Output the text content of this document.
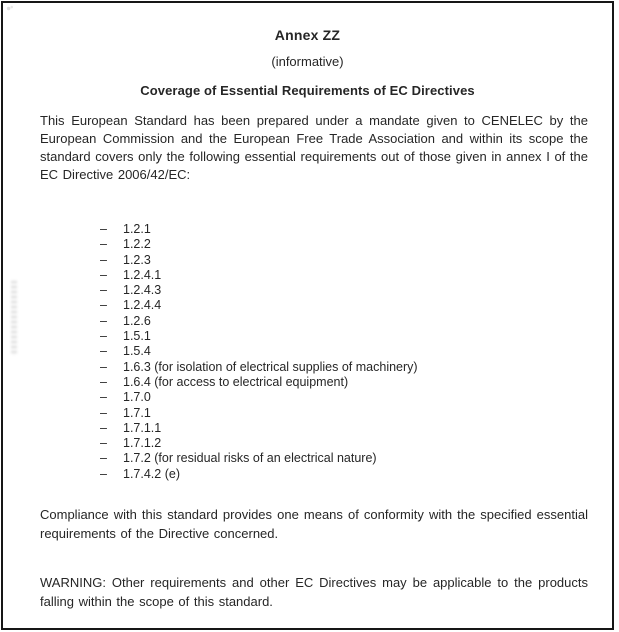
Annex ZZ
(informative)
Coverage of Essential Requirements of EC Directives

This European Standard has been prepared under a mandate given to CENELEC by the European Commission and the European Free Trade Association and within its scope the standard covers only the following essential requirements out of those given in annex I of the EC Directive 2006/42/EC:

–	1.2.1
–	1.2.2
–	1.2.3
–	1.2.4.1
–	1.2.4.3
–	1.2.4.4
–	1.2.6
–	1.5.1
–	1.5.4
–	1.6.3 (for isolation of electrical supplies of machinery)
–	1.6.4 (for access to electrical equipment)
–	1.7.0
–	1.7.1
–	1.7.1.1
–	1.7.1.2
–	1.7.2 (for residual risks of an electrical nature)
–	1.7.4.2 (e)

Compliance with this standard provides one means of conformity with the specified essential requirements of the Directive concerned.

WARNING: Other requirements and other EC Directives may be applicable to the products falling within the scope of this standard.
